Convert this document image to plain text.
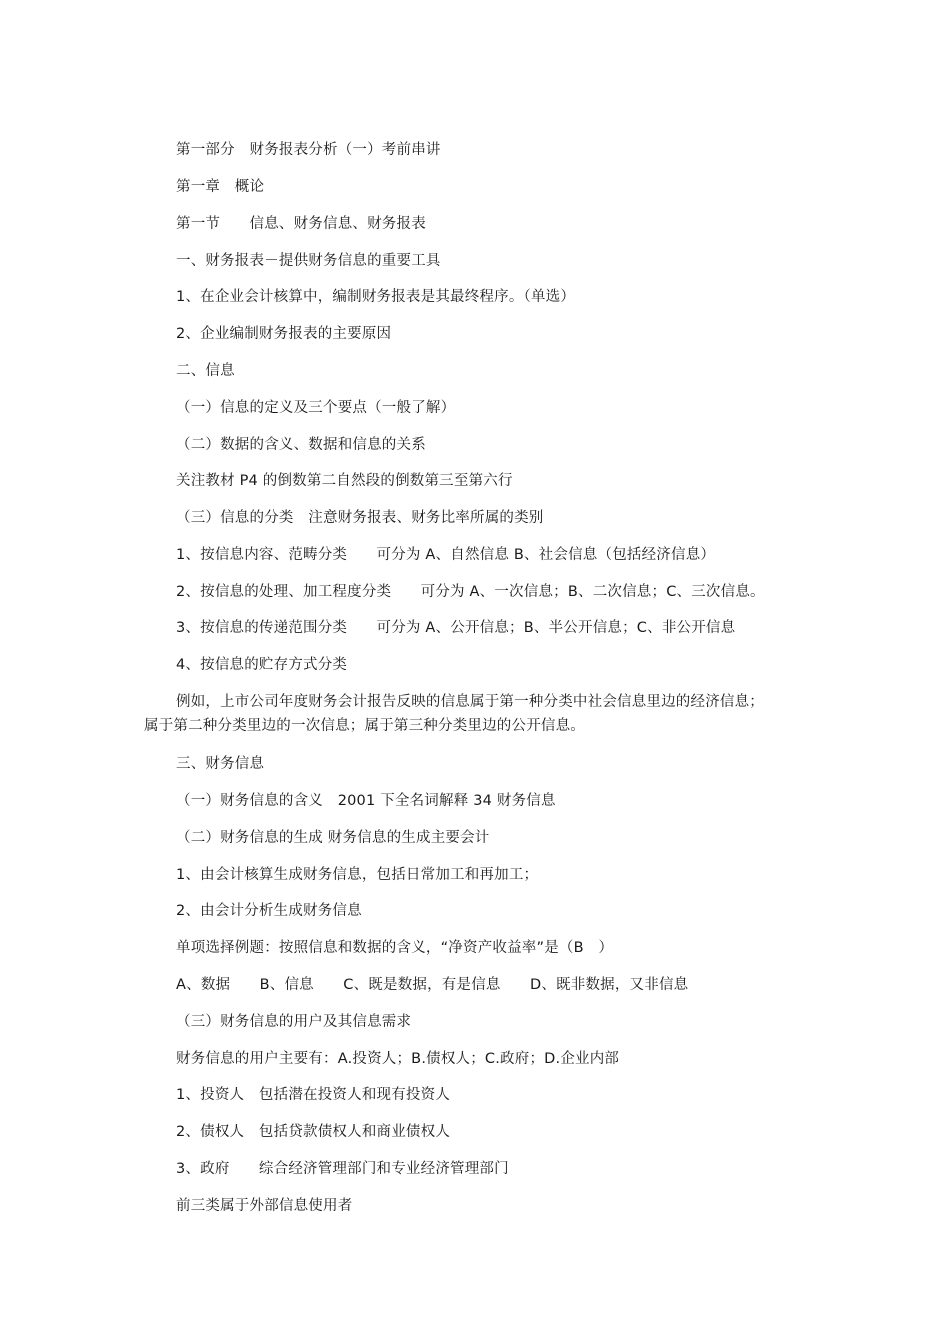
第一部分　财务报表分析（一）考前串讲
第一章　概论
第一节　　信息、财务信息、财务报表
一、财务报表－提供财务信息的重要工具
1、在企业会计核算中，编制财务报表是其最终程序。（单选）
2、企业编制财务报表的主要原因
二、信息
（一）信息的定义及三个要点（一般了解）
（二）数据的含义、数据和信息的关系
关注教材 P4 的倒数第二自然段的倒数第三至第六行
（三）信息的分类　注意财务报表、财务比率所属的类别
1、按信息内容、范畴分类　　可分为 A、自然信息 B、社会信息（包括经济信息）
2、按信息的处理、加工程度分类　　可分为 A、一次信息；B、二次信息；C、三次信息。
3、按信息的传递范围分类　　可分为 A、公开信息；B、半公开信息；C、非公开信息
4、按信息的贮存方式分类
例如，上市公司年度财务会计报告反映的信息属于第一种分类中社会信息里边的经济信息；
属于第二种分类里边的一次信息；属于第三种分类里边的公开信息。
三、财务信息
（一）财务信息的含义　2001 下全名词解释 34 财务信息
（二）财务信息的生成 财务信息的生成主要会计
1、由会计核算生成财务信息，包括日常加工和再加工；
2、由会计分析生成财务信息
单项选择例题：按照信息和数据的含义，“净资产收益率”是（B　）
A、数据　　B、信息　　C、既是数据，有是信息　　D、既非数据，又非信息
（三）财务信息的用户及其信息需求
财务信息的用户主要有：A.投资人；B.债权人；C.政府；D.企业内部
1、投资人　包括潜在投资人和现有投资人
2、债权人　包括贷款债权人和商业债权人
3、政府　　综合经济管理部门和专业经济管理部门
前三类属于外部信息使用者
